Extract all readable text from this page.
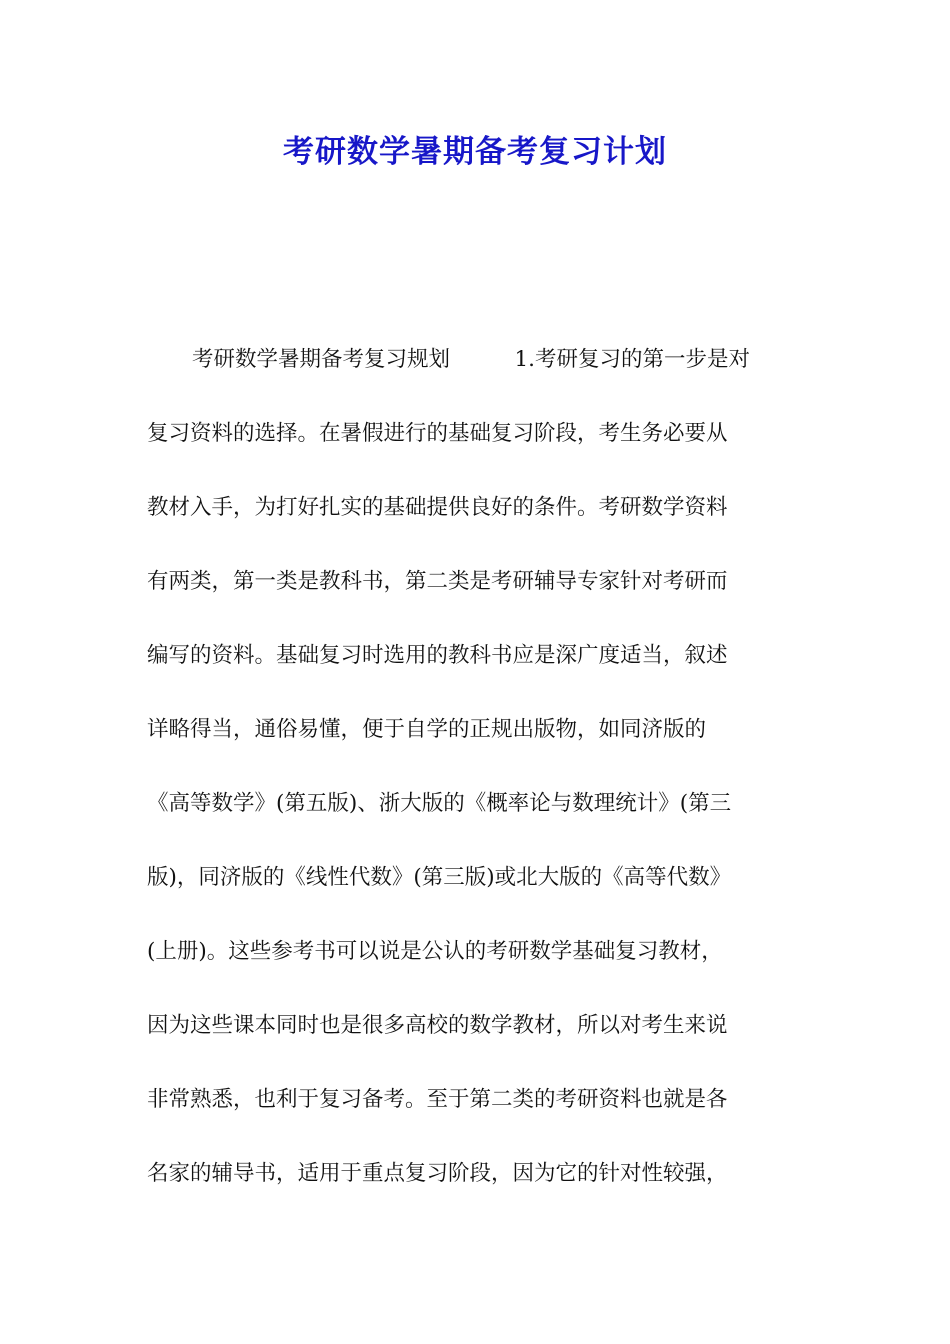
考研数学暑期备考复习计划
考研数学暑期备考复习规划　　　1.考研复习的第一步是对
复习资料的选择。在暑假进行的基础复习阶段，考生务必要从
教材入手，为打好扎实的基础提供良好的条件。考研数学资料
有两类，第一类是教科书，第二类是考研辅导专家针对考研而
编写的资料。基础复习时选用的教科书应是深广度适当，叙述
详略得当，通俗易懂，便于自学的正规出版物，如同济版的
《高等数学》(第五版)、浙大版的《概率论与数理统计》(第三
版)，同济版的《线性代数》(第三版)或北大版的《高等代数》
(上册)。这些参考书可以说是公认的考研数学基础复习教材，
因为这些课本同时也是很多高校的数学教材，所以对考生来说
非常熟悉，也利于复习备考。至于第二类的考研资料也就是各
名家的辅导书，适用于重点复习阶段，因为它的针对性较强，
